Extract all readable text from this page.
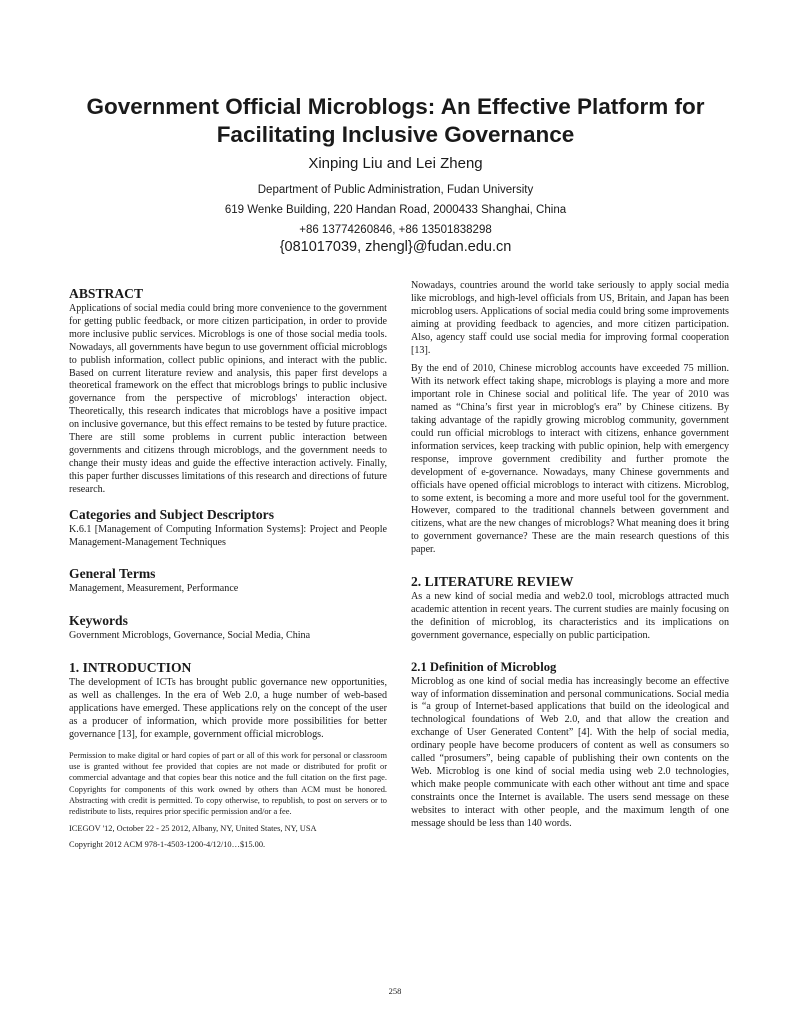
Government Official Microblogs: An Effective Platform for
Facilitating Inclusive Governance
Xinping Liu and Lei Zheng
Department of Public Administration, Fudan University
619 Wenke Building, 220 Handan Road, 2000433 Shanghai, China
+86 13774260846, +86 13501838298
{081017039, zhengl}@fudan.edu.cn
ABSTRACT

Applications of social media could bring more convenience to the government for getting public feedback, or more citizen participation, in order to provide more inclusive public services. Microblogs is one of those social media tools. Nowadays, all governments have begun to use government official microblogs to publish information, collect public opinions, and interact with the public. Based on current literature review and analysis, this paper first develops a theoretical framework on the effect that microblogs brings to public inclusive governance from the perspective of microblogs' interaction object. Theoretically, this research indicates that microblogs have a positive impact on inclusive governance, but this effect remains to be tested by future practice. There are still some problems in current public interaction between governments and citizens through microblogs, and the government needs to change their musty ideas and guide the effective interaction actively. Finally, this paper further discusses limitations of this research and directions of future research.

Categories and Subject Descriptors

K.6.1 [Management of Computing Information Systems]: Project and People Management-Management Techniques

General Terms

Management, Measurement, Performance

Keywords

Government Microblogs, Governance, Social Media, China

1. INTRODUCTION

The development of ICTs has brought public governance new opportunities, as well as challenges. In the era of Web 2.0, a huge number of web-based applications have emerged. These applications rely on the concept of the user as a producer of information, which provide more possibilities for better governance [13], for example, government official microblogs.

Permission to make digital or hard copies of part or all of this work for personal or classroom use is granted without fee provided that copies are not made or distributed for profit or commercial advantage and that copies bear this notice and the full citation on the first page. Copyrights for components of this work owned by others than ACM must be honored. Abstracting with credit is permitted. To copy otherwise, to republish, to post on servers or to redistribute to lists, requires prior specific permission and/or a fee.
ICEGOV '12, October 22 - 25 2012, Albany, NY, United States, NY, USA
Copyright 2012 ACM 978-1-4503-1200-4/12/10…$15.00.

Nowadays, countries around the world take seriously to apply social media like microblogs, and high-level officials from US, Britain, and Japan has been microblog users. Applications of social media could bring some improvements aiming at providing feedback to agencies, and more citizen participation. Also, agency staff could use social media for improving formal cooperation [13].

By the end of 2010, Chinese microblog accounts have exceeded 75 million. With its network effect taking shape, microblogs is playing a more and more important role in Chinese social and political life. The year of 2010 was named as “China’s first year in microblog's era” by Chinese citizens. By taking advantage of the rapidly growing microblog community, government could run official microblogs to interact with citizens, enhance government information services, keep tracking with public opinion, help with emergency response, improve government credibility and further promote the development of e-governance. Nowadays, many Chinese governments and officials have opened official microblogs to interact with citizens. Microblog, to some extent, is becoming a more and more useful tool for the government. However, compared to the traditional channels between government and citizens, what are the new changes of microblogs? What meaning does it bring to government governance? These are the main research questions of this paper.

2. LITERATURE REVIEW

As a new kind of social media and web2.0 tool, microblogs attracted much academic attention in recent years. The current studies are mainly focusing on the definition of microblog, its characteristics and its implications on government governance, especially on public participation.

2.1 Definition of Microblog

Microblog as one kind of social media has increasingly become an effective way of information dissemination and personal communications. Social media is “a group of Internet-based applications that build on the ideological and technological foundations of Web 2.0, and that allow the creation and exchange of User Generated Content” [4]. With the help of social media, ordinary people have become producers of content as well as consumers so called “prosumers”, being capable of publishing their own contents on the Web. Microblog is one kind of social media using web 2.0 technologies, which make people communicate with each other without ant time and space constraints once the Internet is available. The users send message on these websites to interact with other people, and the maximum length of one message should be less than 140 words.

258
